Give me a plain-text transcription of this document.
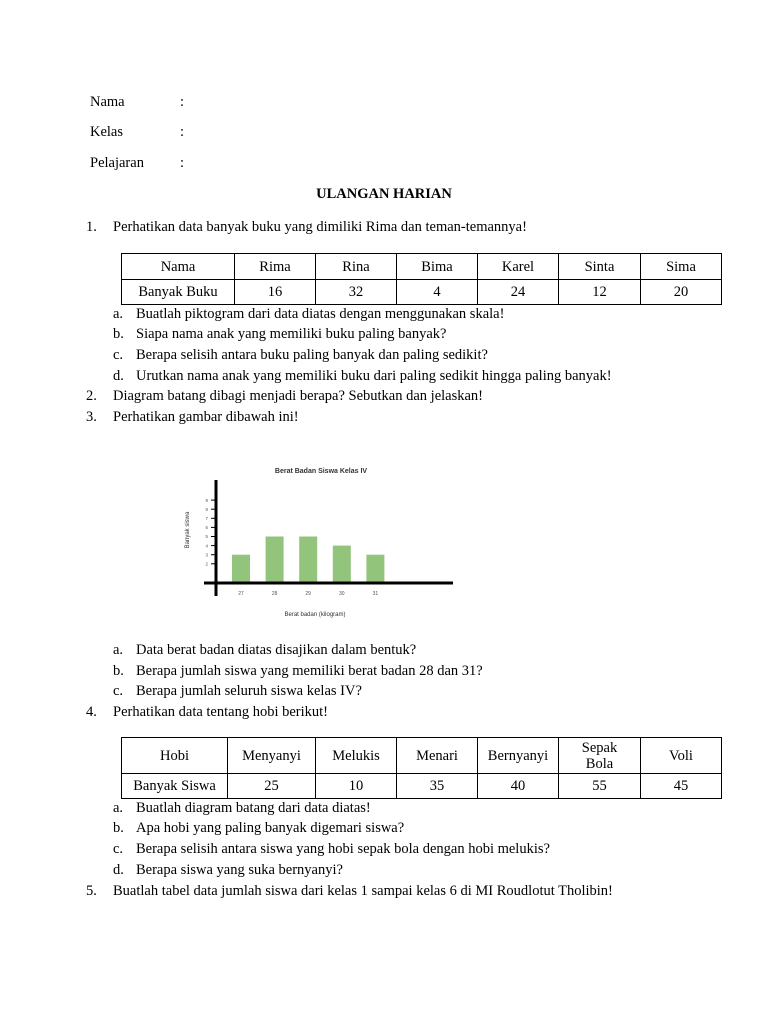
Nama	:
Kelas	:
Pelajaran :
ULANGAN HARIAN
1. Perhatikan data banyak buku yang dimiliki Rima dan teman-temannya!
Nama	Rima	Rina	Bima	Karel	Sinta	Sima
Banyak Buku	16	32	4	24	12	20
a. Buatlah piktogram dari data diatas dengan menggunakan skala!
b. Siapa nama anak yang memiliki buku paling banyak?
c. Berapa selisih antara buku paling banyak dan paling sedikit?
d. Urutkan nama anak yang memiliki buku dari paling sedikit hingga paling banyak!
2. Diagram batang dibagi menjadi berapa? Sebutkan dan jelaskan!
3. Perhatikan gambar dibawah ini!
Berat Badan Siswa Kelas IV
Banyak siswa
Berat badan (kilogram)
2
3
4
5
6
7
8
9
27	28	29	30	31
a. Data berat badan diatas disajikan dalam bentuk?
b. Berapa jumlah siswa yang memiliki berat badan 28 dan 31?
c. Berapa jumlah seluruh siswa kelas IV?
4. Perhatikan data tentang hobi berikut!
Hobi	Menyanyi	Melukis	Menari	Bernyanyi	Sepak Bola	Voli
Banyak Siswa	25	10	35	40	55	45
a. Buatlah diagram batang dari data diatas!
b. Apa hobi yang paling banyak digemari siswa?
c. Berapa selisih antara siswa yang hobi sepak bola dengan hobi melukis?
d. Berapa siswa yang suka bernyanyi?
5. Buatlah tabel data jumlah siswa dari kelas 1 sampai kelas 6 di MI Roudlotut Tholibin!
